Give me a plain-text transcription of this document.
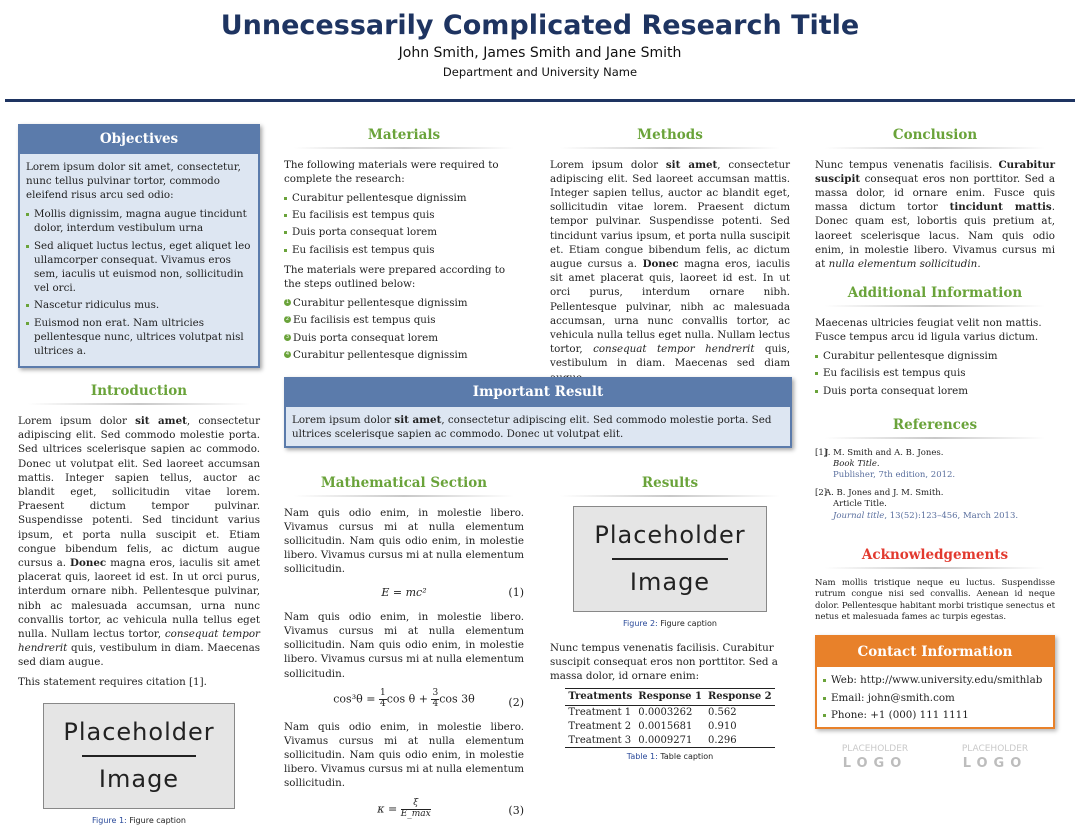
Unnecessarily Complicated Research Title
John Smith, James Smith and Jane Smith
Department and University Name
Objectives

Lorem ipsum dolor sit amet, consectetur, nunc tellus pulvinar tortor, commodo eleifend risus arcu sed odio:

Mollis dignissim, magna augue tincidunt dolor, interdum vestibulum urna
Sed aliquet luctus lectus, eget aliquet leo ullamcorper consequat. Vivamus eros sem, iaculis ut euismod non, sollicitudin vel orci.
Nascetur ridiculus mus.
Euismod non erat. Nam ultricies pellentesque nunc, ultrices volutpat nisl ultrices a.
Introduction

Lorem ipsum dolor sit amet, consectetur adipiscing elit. Sed commodo molestie porta. Sed ultrices scelerisque sapien ac commodo. Donec ut volutpat elit. Sed laoreet accumsan mattis. Integer sapien tellus, auctor ac blandit eget, sollicitudin vitae lorem. Praesent dictum tempor pulvinar. Suspendisse potenti. Sed tincidunt varius ipsum, et porta nulla suscipit et. Etiam congue bibendum felis, ac dictum augue cursus a. Donec magna eros, iaculis sit amet placerat quis, laoreet id est. In ut orci purus, interdum ornare nibh. Pellentesque pulvinar, nibh ac malesuada accumsan, urna nunc convallis tortor, ac vehicula nulla tellus eget nulla. Nullam lectus tortor, consequat tempor hendrerit quis, vestibulum in diam. Maecenas sed diam augue.

This statement requires citation [1].

Placeholder
Image
Figure 1: Figure caption
Materials

The following materials were required to complete the research:

Curabitur pellentesque dignissim
Eu facilisis est tempus quis
Duis porta consequat lorem
Eu facilisis est tempus quis

The materials were prepared according to the steps outlined below:

1 Curabitur pellentesque dignissim
2 Eu facilisis est tempus quis
3 Duis porta consequat lorem
4 Curabitur pellentesque dignissim
Methods

Lorem ipsum dolor sit amet, consectetur adipiscing elit. Sed laoreet accumsan mattis. Integer sapien tellus, auctor ac blandit eget, sollicitudin vitae lorem. Praesent dictum tempor pulvinar. Suspendisse potenti. Sed tincidunt varius ipsum, et porta nulla suscipit et. Etiam congue bibendum felis, ac dictum augue cursus a. Donec magna eros, iaculis sit amet placerat quis, laoreet id est. In ut orci purus, interdum ornare nibh. Pellentesque pulvinar, nibh ac malesuada accumsan, urna nunc convallis tortor, ac vehicula nulla tellus eget nulla. Nullam lectus tortor, consequat tempor hendrerit quis, vestibulum in diam. Maecenas sed diam

Important Result
Lorem ipsum dolor sit amet, consectetur adipiscing elit. Sed commodo molestie porta. Sed ultrices scelerisque sapien ac commodo. Donec ut volutpat elit.
Mathematical Section

Nam quis odio enim, in molestie libero. Vivamus cursus mi at nulla elementum sollicitudin. Nam quis odio enim, in molestie libero. Vivamus cursus mi at nulla elementum sollicitudin.

E = mc²	(1)

Nam quis odio enim, in molestie libero. Vivamus cursus mi at nulla elementum sollicitudin. Nam quis odio enim, in molestie libero. Vivamus cursus mi at nulla elementum sollicitudin.

$\cos^3\theta = \frac{1}{4}$ $\cos \theta + \frac{3}{4}$ cos 3θ	(2)

Nam quis odio enim, in molestie libero. Vivamus cursus mi at nulla elementum sollicitudin. Nam quis odio enim, in molestie libero. Vivamus cursus mi at nulla elementum sollicitudin.

$\kappa = \frac{\xi}{E\_\max}$	(3)
Results
Placeholder
Image
Figure 2: Figure caption

Nunc tempus venenatis facilisis. Curabitur suscipit consequat eros non porttitor. Sed a massa dolor, id ornare enim:

Treatments	Response 1	Response 2
Treatment 1	0.0003262	0.562
Treatment 2	0.0015681	0.910
Treatment 3	0.0009271	0.296
Table 1: Table caption
Conclusion

Nunc tempus venenatis facilisis. Curabitur suscipit consequat eros non porttitor. Sed a massa dolor, id ornare enim. Fusce quis massa dictum tortor tincidunt mattis. Donec quam est, lobortis quis pretium at, laoreet scelerisque lacus. Nam quis odio enim, in molestie libero. Vivamus cursus mi at nulla elementum sollicitudin.

Additional Information

Maecenas ultricies feugiat velit non mattis. Fusce tempus arcu id ligula varius dictum.

Curabitur pellentesque dignissim
Eu facilisis est tempus quis
Duis porta consequat lorem
References
[1]
J. M. Smith and A. B. Jones.
Book Title.
Publisher, 7th edition, 2012.
[2]
A. B. Jones and J. M. Smith.
Article Title.
Journal title, 13(52):123–456, March 2013.
Acknowledgements

Nam mollis tristique neque eu luctus. Suspendisse rutrum congue nisi sed convallis. Aenean id neque dolor. Pellentesque habitant morbi tristique senectus et netus et malesuada fames ac turpis egestas.

Contact Information
Web: http://www.university.edu/smithlab
Email: john@smith.com
Phone: +1 (000) 111 1111
PLACEHOLDER
LOGO
PLACEHOLDER
LOGO
